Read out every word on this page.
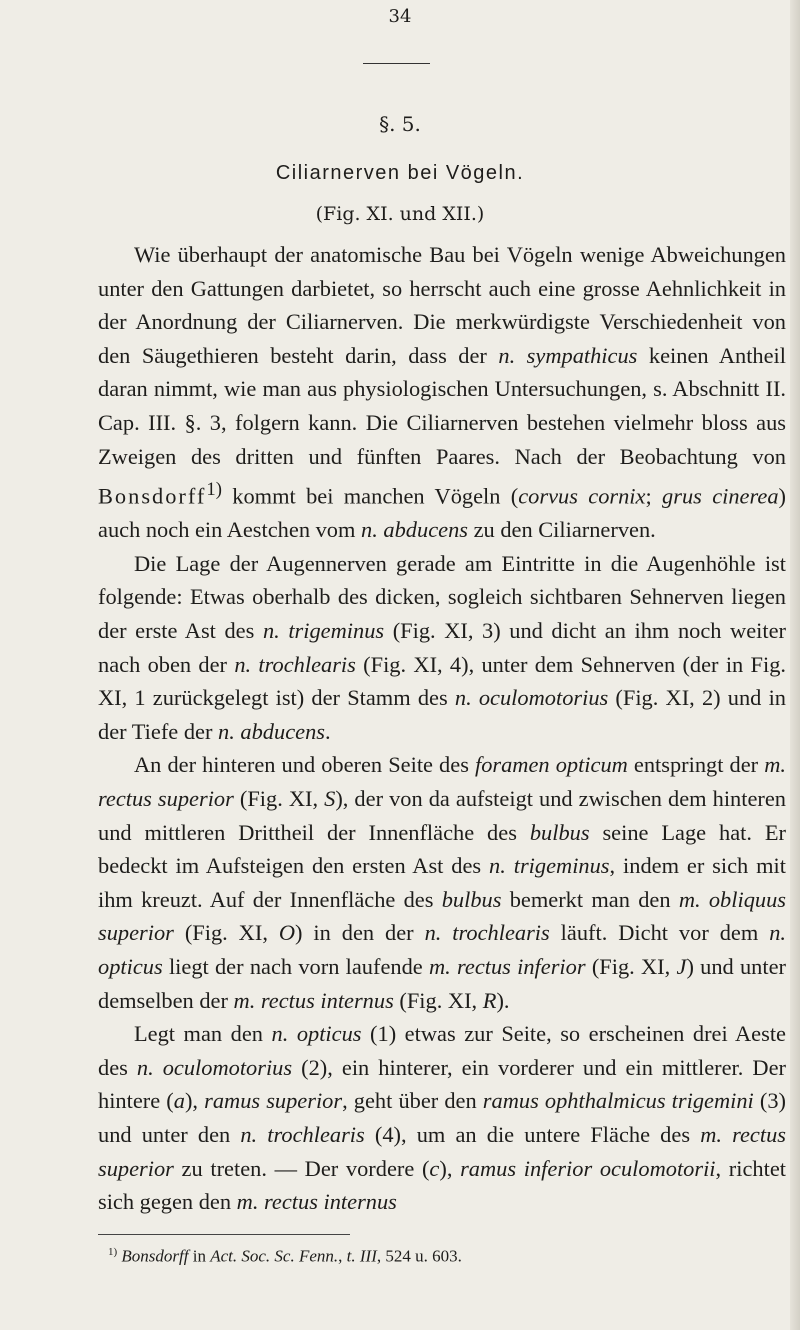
34
§. 5.
Ciliarnerven bei Vögeln.
(Fig. XI. und XII.)

Wie überhaupt der anatomische Bau bei Vögeln wenige Abweichungen unter den Gattungen darbietet, so herrscht auch eine grosse Aehnlichkeit in der Anordnung der Ciliarnerven. Die merkwürdigste Verschiedenheit von den Säugethieren besteht darin, dass der n. sympathicus keinen Antheil daran nimmt, wie man aus physiologischen Untersuchungen, s. Abschnitt II. Cap. III. §. 3, folgern kann. Die Ciliarnerven bestehen vielmehr bloss aus Zweigen des dritten und fünften Paares. Nach der Beobachtung von Bonsdorff$^{1)}$ kommt bei manchen Vögeln (corvus cornix; grus cinerea) auch noch ein Aestchen vom n. abducens zu den Ciliarnerven.

Die Lage der Augennerven gerade am Eintritte in die Augenhöhle ist folgende: Etwas oberhalb des dicken, sogleich sichtbaren Sehnerven liegen der erste Ast des n. trigeminus (Fig. XI, 3) und dicht an ihm noch weiter nach oben der n. trochlearis (Fig. XI, 4), unter dem Sehnerven (der in Fig. XI, 1 zurückgelegt ist) der Stamm des n. oculomotorius (Fig. XI, 2) und in der Tiefe der n. abducens.

An der hinteren und oberen Seite des foramen opticum entspringt der m. rectus superior (Fig. XI, S), der von da aufsteigt und zwischen dem hinteren und mittleren Drittheil der Innenfläche des bulbus seine Lage hat. Er bedeckt im Aufsteigen den ersten Ast des n. trigeminus, indem er sich mit ihm kreuzt. Auf der Innenfläche des bulbus bemerkt man den m. obliquus superior (Fig. XI, O) in den der n. trochlearis läuft. Dicht vor dem n. opticus liegt der nach vorn laufende m. rectus inferior (Fig. XI, J) und unter demselben der m. rectus internus (Fig. XI, R).

Legt man den n. opticus (1) etwas zur Seite, so erscheinen drei Aeste des n. oculomotorius (2), ein hinterer, ein vorderer und ein mittlerer. Der hintere (a), ramus superior, geht über den ramus ophthalmicus trigemini (3) und unter den n. trochlearis (4), um an die untere Fläche des m. rectus superior zu treten. — Der vordere (c), ramus inferior oculomotorii, richtet sich gegen den m. rectus internus

$^{1)}$ Bonsdorff in Act. Soc. Sc. Fenn., t. III, 524 u. 603.
